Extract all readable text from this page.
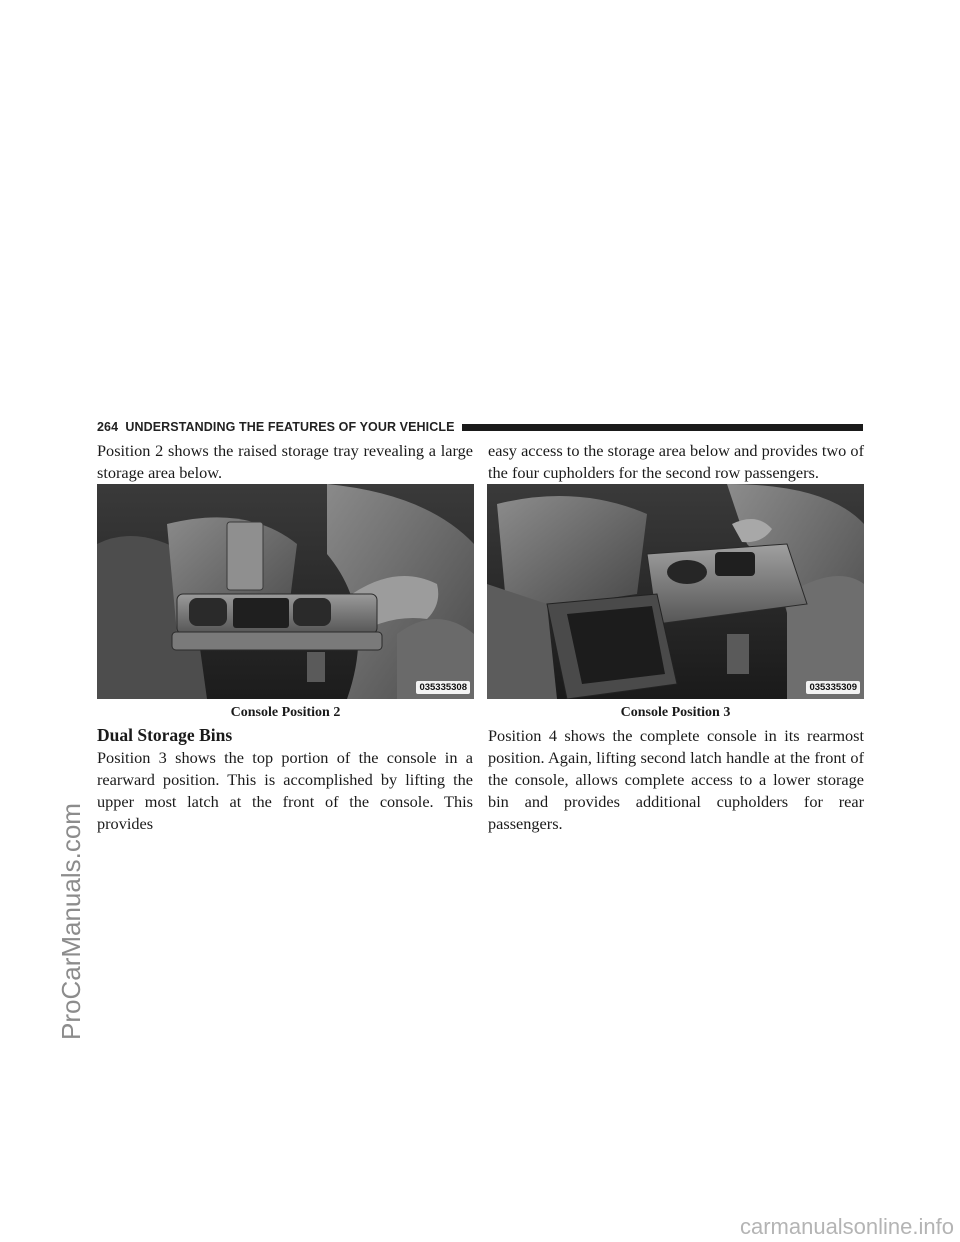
ProCarManuals.com
264 UNDERSTANDING THE FEATURES OF YOUR VEHICLE

Position 2 shows the raised storage tray revealing a large storage area below.

easy access to the storage area below and provides two of the four cupholders for the second row passengers.

035335308	035335309
Console Position 2	Console Position 3
Dual Storage Bins

Position 3 shows the top portion of the console in a rearward position. This is accomplished by lifting the upper most latch at the front of the console. This provides

Position 4 shows the complete console in its rearmost position. Again, lifting second latch handle at the front of the console, allows complete access to a lower storage bin and provides additional cupholders for rear passengers.

carmanualsonline.info
